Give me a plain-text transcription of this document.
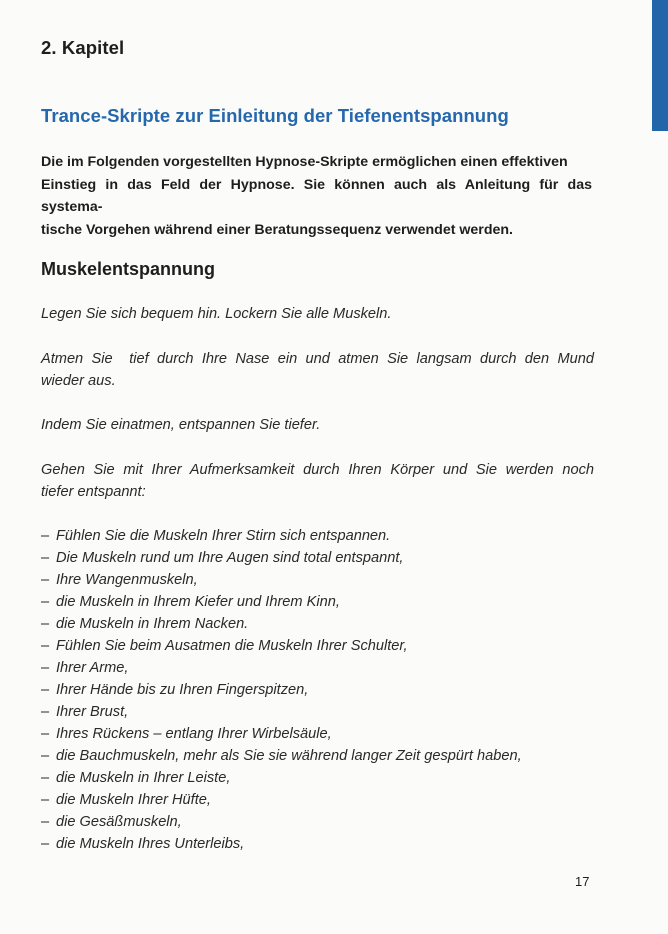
2. Kapitel
Trance-Skripte zur Einleitung der Tiefenentspannung

Die im Folgenden vorgestellten Hypnose-Skripte ermöglichen einen effektiven

Einstieg in das Feld der Hypnose. Sie können auch als Anleitung für das systema-

tische Vorgehen während einer Beratungssequenz verwendet werden.

Muskelentspannung
Legen Sie sich bequem hin. Lockern Sie alle Muskeln.
Atmen Sie  tief durch Ihre Nase ein und atmen Sie langsam durch den Mund
wieder aus.
Indem Sie einatmen, entspannen Sie tiefer.
Gehen Sie mit Ihrer Aufmerksamkeit durch Ihren Körper und Sie werden noch
tiefer entspannt:
– Fühlen Sie die Muskeln Ihrer Stirn sich entspannen.
– Die Muskeln rund um Ihre Augen sind total entspannt,
– Ihre Wangenmuskeln,
– die Muskeln in Ihrem Kiefer und Ihrem Kinn,
– die Muskeln in Ihrem Nacken.
– Fühlen Sie beim Ausatmen die Muskeln Ihrer Schulter,
– Ihrer Arme,
– Ihrer Hände bis zu Ihren Fingerspitzen,
– Ihrer Brust,
– Ihres Rückens – entlang Ihrer Wirbelsäule,
– die Bauchmuskeln, mehr als Sie sie während langer Zeit gespürt haben,
– die Muskeln in Ihrer Leiste,
– die Muskeln Ihrer Hüfte,
– die Gesäßmuskeln,
– die Muskeln Ihres Unterleibs,
17
